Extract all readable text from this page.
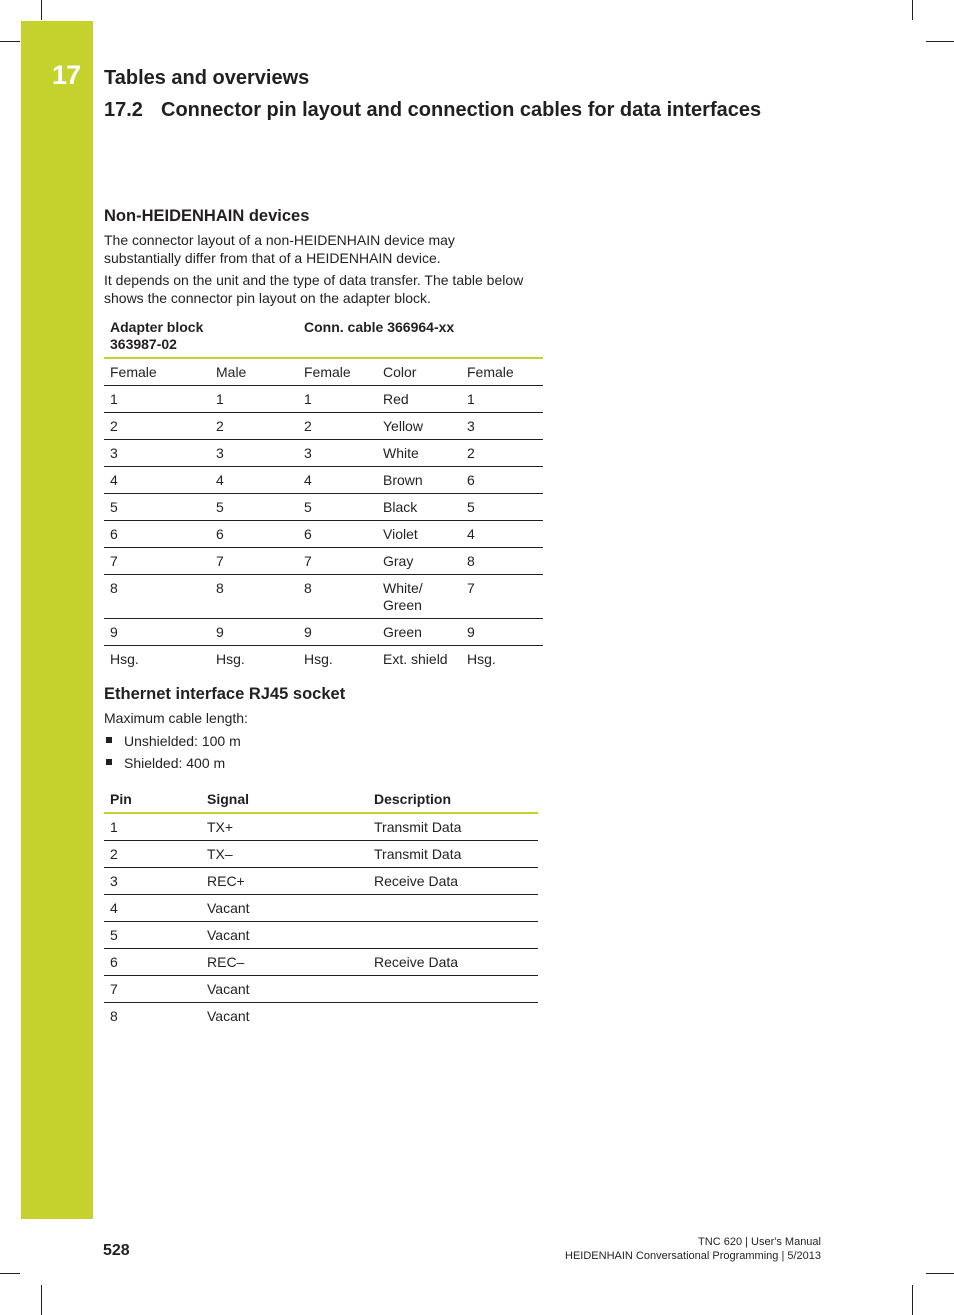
17 Tables and overviews
17.2 Connector pin layout and connection cables for data interfaces
Non-HEIDENHAIN devices

The connector layout of a non-HEIDENHAIN device may substantially differ from that of a HEIDENHAIN device.

It depends on the unit and the type of data transfer. The table below shows the connector pin layout on the adapter block.

Adapter block 363987-02		Conn. cable 366964-xx		
Female	Male	Female	Color	Female
1	1	1	Red	1
2	2	2	Yellow	3
3	3	3	White	2
4	4	4	Brown	6
5	5	5	Black	5
6	6	6	Violet	4
7	7	7	Gray	8
8	8	8	White/ Green	7
9	9	9	Green	9
Hsg.	Hsg.	Hsg.	Ext. shield	Hsg.
Ethernet interface RJ45 socket

Maximum cable length:

Unshielded: 100 m
Shielded: 400 m
Pin	Signal	Description
1	TX+	Transmit Data
2	TX–	Transmit Data
3	REC+	Receive Data
4	Vacant	
5	Vacant	
6	REC–	Receive Data
7	Vacant	
8	Vacant	
528	TNC 620 | User's Manual
HEIDENHAIN Conversational Programming | 5/2013
